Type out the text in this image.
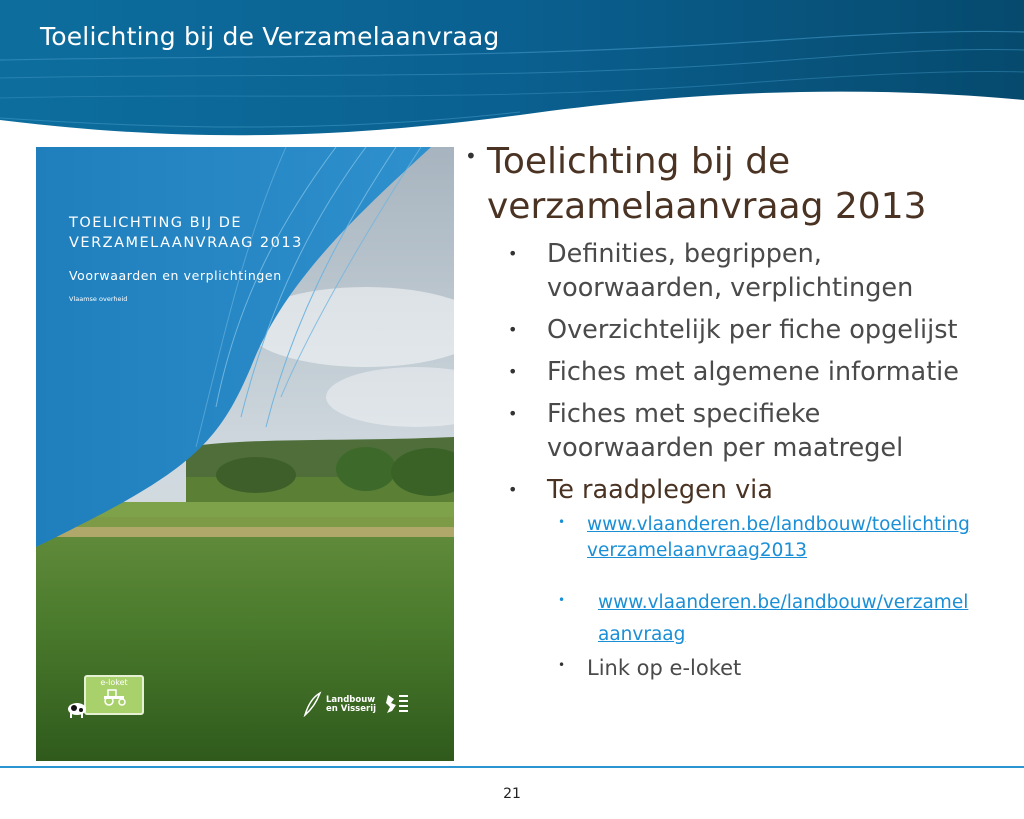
Toelichting bij de Verzamelaanvraag
TOELICHTING BIJ DE
VERZAMELAANVRAAG 2013
Voorwaarden en verplichtingen
Vlaamse overheid
e-loket
Landbouw
en Visserij
• Toelichting bij de
verzamelaanvraag 2013
• Definities, begrippen,
voorwaarden, verplichtingen
• Overzichtelijk per fiche opgelijst
• Fiches met algemene informatie
• Fiches met specifieke
voorwaarden per maatregel
• Te raadplegen via
• www.vlaanderen.be/landbouw/toelichting
verzamelaanvraag2013
• www.vlaanderen.be/landbouw/verzamel
aanvraag
• Link op e-loket
21
